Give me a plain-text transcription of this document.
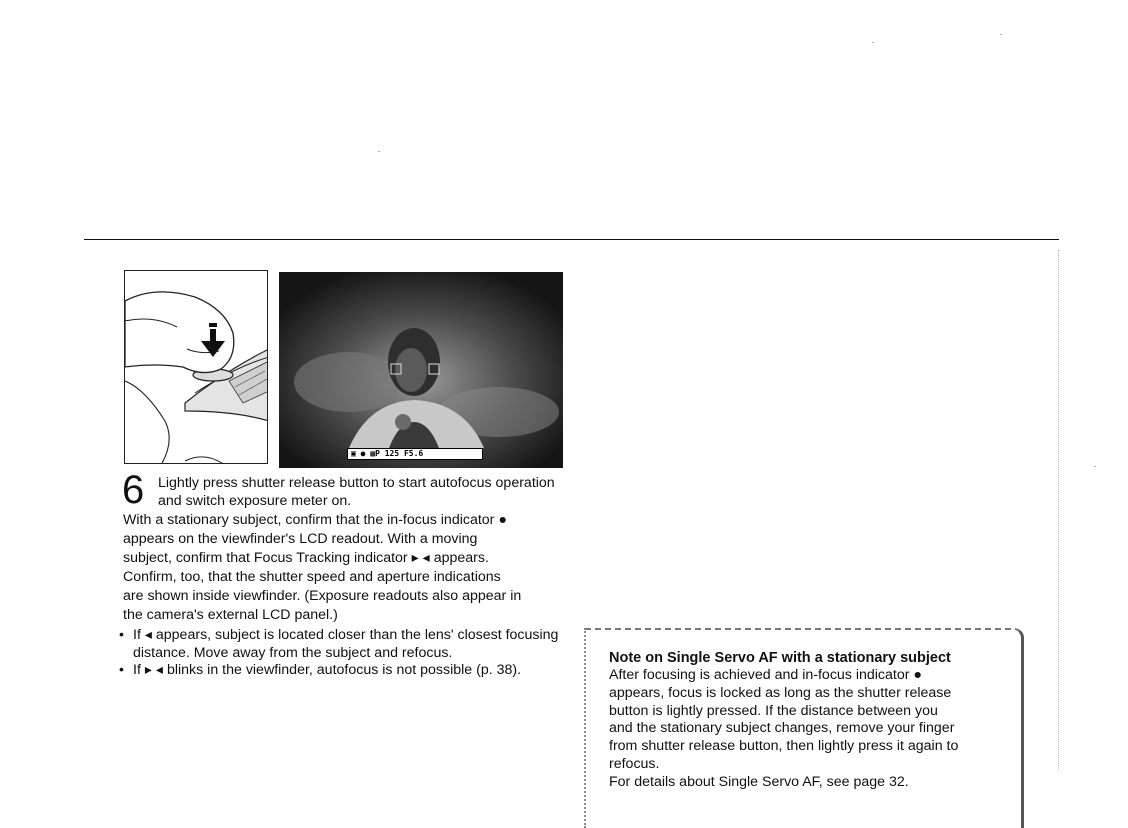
▣ ● ▦P 125 F5.6
6 Lightly press shutter release button to start autofocus operation and switch exposure meter on.

With a stationary subject, confirm that the in-focus indicator ●

appears on the viewfinder's LCD readout. With a moving

subject, confirm that Focus Tracking indicator ▸ ◂ appears.

Confirm, too, that the shutter speed and aperture indications

are shown inside viewfinder. (Exposure readouts also appear in

the camera's external LCD panel.)

• If ◂ appears, subject is located closer than the lens' closest focusing distance. Move away from the subject and refocus.
• If ▸ ◂ blinks in the viewfinder, autofocus is not possible (p. 38).
Note on Single Servo AF with a stationary subject
After focusing is achieved and in-focus indicator ●
appears, focus is locked as long as the shutter release
button is lightly pressed. If the distance between you
and the stationary subject changes, remove your finger
from shutter release button, then lightly press it again to
refocus.
For details about Single Servo AF, see page 32.
